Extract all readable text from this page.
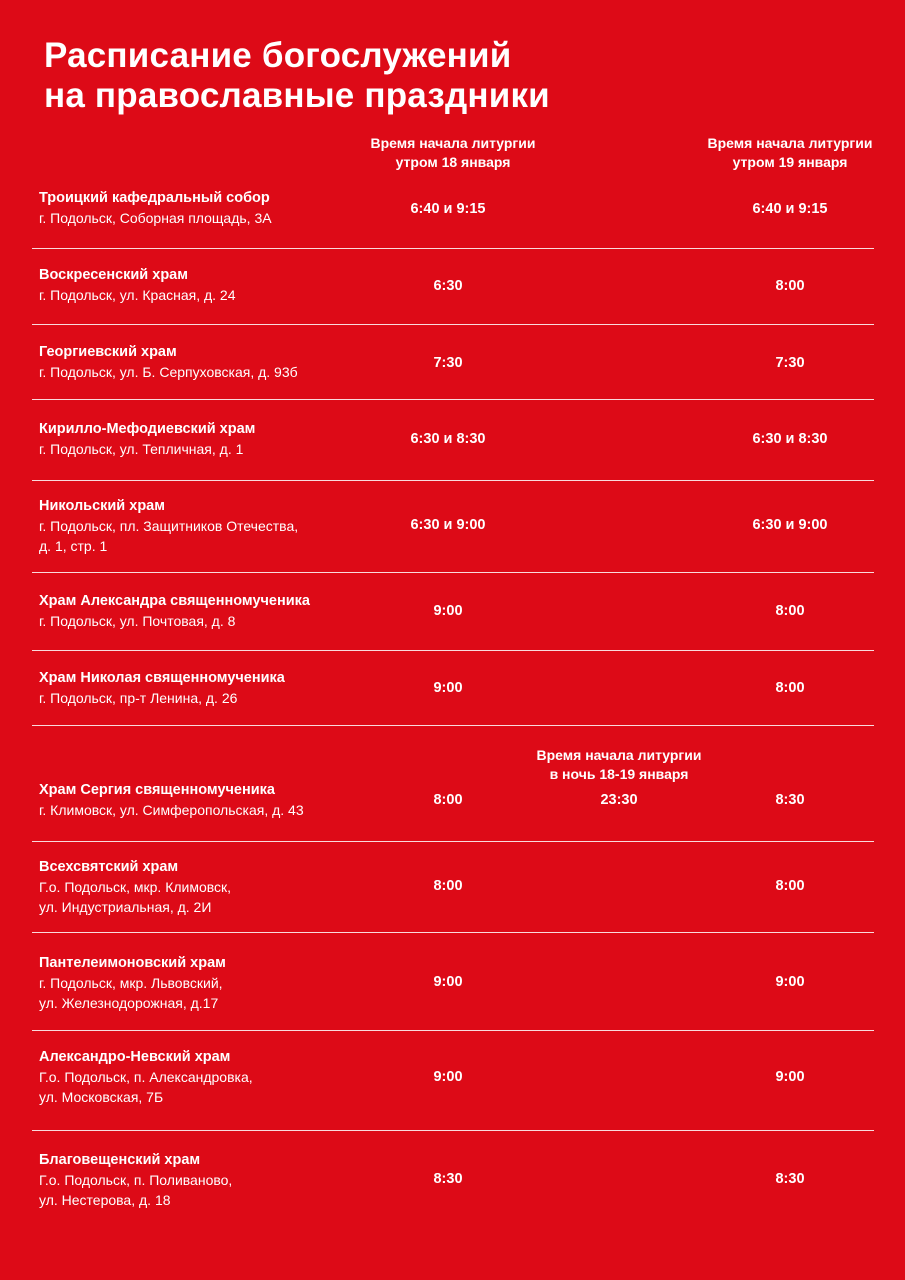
Расписание богослужений
на православные праздники
Время начала литургии
утром 18 января
Время начала литургии
утром 19 января
Троицкий кафедральный собор
г. Подольск, Соборная площадь, 3А
6:40 и 9:15	6:40 и 9:15
Воскресенский храм
г. Подольск, ул. Красная, д. 24
6:30	8:00
Георгиевский храм
г. Подольск, ул. Б. Серпуховская, д. 93б
7:30	7:30
Кирилло-Мефодиевский храм
г. Подольск, ул. Тепличная, д. 1
6:30 и 8:30	6:30 и 8:30
Никольский храм
г. Подольск, пл. Защитников Отечества,
д. 1, стр. 1
6:30 и 9:00	6:30 и 9:00
Храм Александра священномученика
г. Подольск, ул. Почтовая, д. 8
9:00	8:00
Храм Николая священномученика
г. Подольск, пр-т Ленина, д. 26
9:00	8:00
Время начала литургии
в ночь 18-19 января
Храм Сергия священномученика
г. Климовск, ул. Симферопольская, д. 43
8:00	23:30	8:30
Всехсвятский храм
Г.о. Подольск, мкр. Климовск,
ул. Индустриальная, д. 2И
8:00	8:00
Пантелеимоновский храм
г. Подольск, мкр. Львовский,
ул. Железнодорожная, д.17
9:00	9:00
Александро-Невский храм
Г.о. Подольск, п. Александровка,
ул. Московская, 7Б
9:00	9:00
Благовещенский храм
Г.о. Подольск, п. Поливаново,
ул. Нестерова, д. 18
8:30	8:30
